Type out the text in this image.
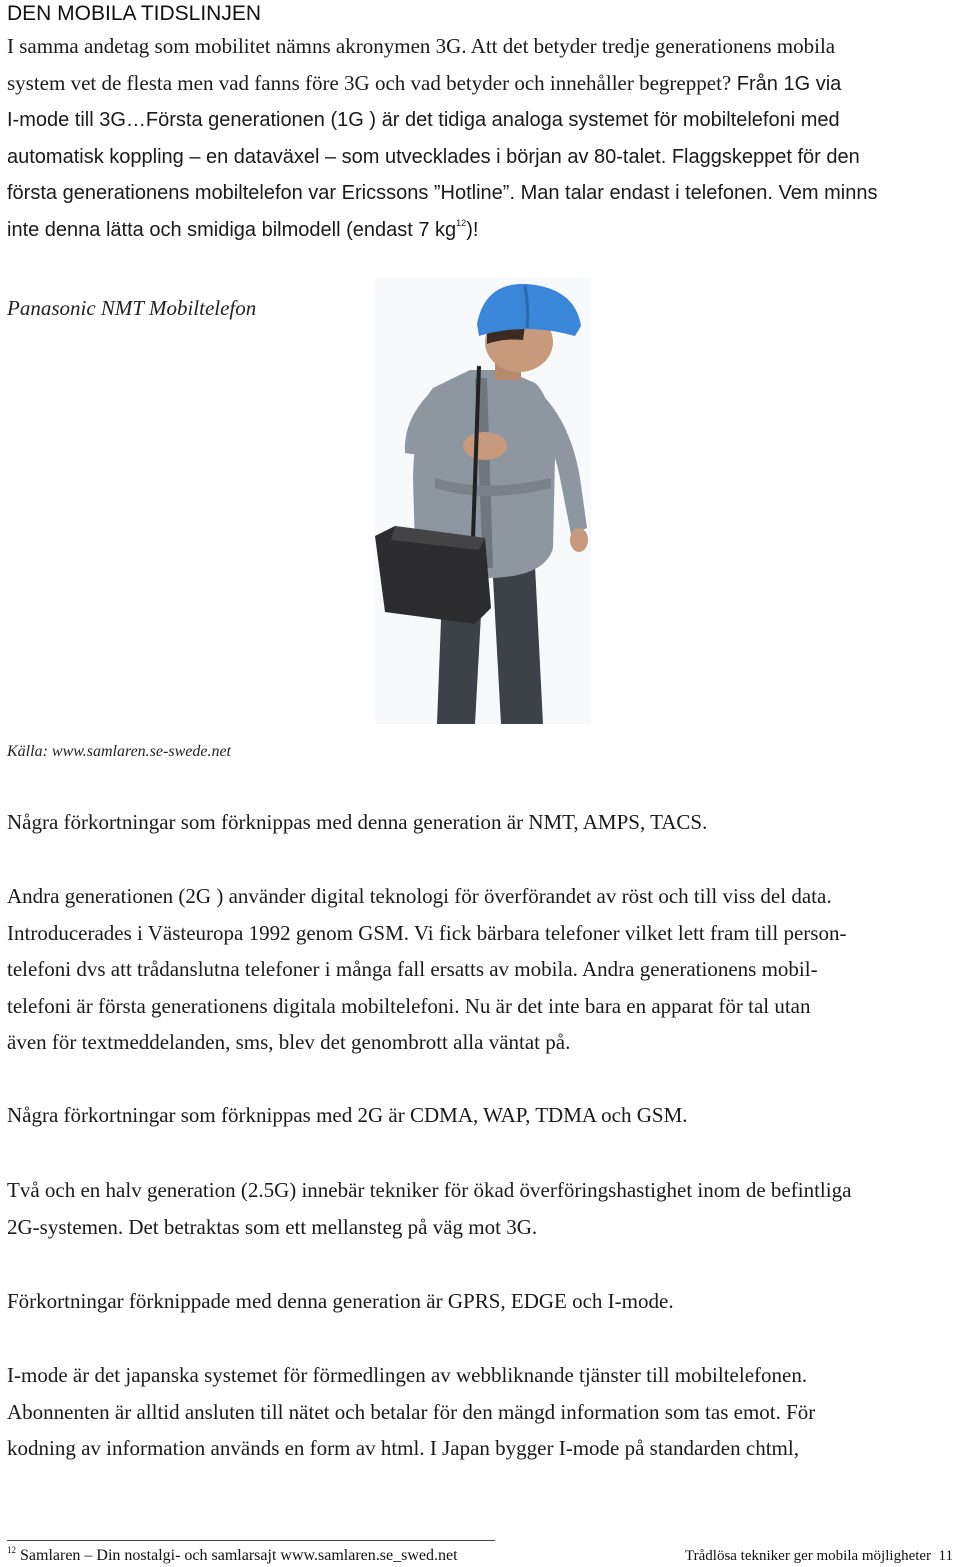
DEN MOBILA TIDSLINJEN
I samma andetag som mobilitet nämns akronymen 3G. Att det betyder tredje generationens mobila
system vet de flesta men vad fanns före 3G och vad betyder och innehåller begreppet? Från 1G via
I-mode till 3G…Första generationen (1G ) är det tidiga analoga systemet för mobiltelefoni med
automatisk koppling – en dataväxel – som utvecklades i början av 80-talet. Flaggskeppet för den
första generationens mobiltelefon var Ericssons ”Hotline”. Man talar endast i telefonen. Vem minns
inte denna lätta och smidiga bilmodell (endast 7 $kg^{12}$)!
Panasonic NMT Mobiltelefon
Källa: www.samlaren.se-swede.net
Några förkortningar som förknippas med denna generation är NMT, AMPS, TACS.
Andra generationen (2G ) använder digital teknologi för överförandet av röst och till viss del data.
Introducerades i Västeuropa 1992 genom GSM. Vi fick bärbara telefoner vilket lett fram till person-
telefoni dvs att trådanslutna telefoner i många fall ersatts av mobila. Andra generationens mobil-
telefoni är första generationens digitala mobiltelefoni. Nu är det inte bara en apparat för tal utan
även för textmeddelanden, sms, blev det genombrott alla väntat på.
Några förkortningar som förknippas med 2G är CDMA, WAP, TDMA och GSM.
Två och en halv generation (2.5G) innebär tekniker för ökad överföringshastighet inom de befintliga
2G-systemen. Det betraktas som ett mellansteg på väg mot 3G.
Förkortningar förknippade med denna generation är GPRS, EDGE och I-mode.
I-mode är det japanska systemet för förmedlingen av webbliknande tjänster till mobiltelefonen.
Abonnenten är alltid ansluten till nätet och betalar för den mängd information som tas emot. För
kodning av information används en form av html. I Japan bygger I-mode på standarden chtml,
$^{12}$ Samlaren – Din nostalgi- och samlarsajt www.samlaren.se_swed.net	Trådlösa tekniker ger mobila möjligheter 11
